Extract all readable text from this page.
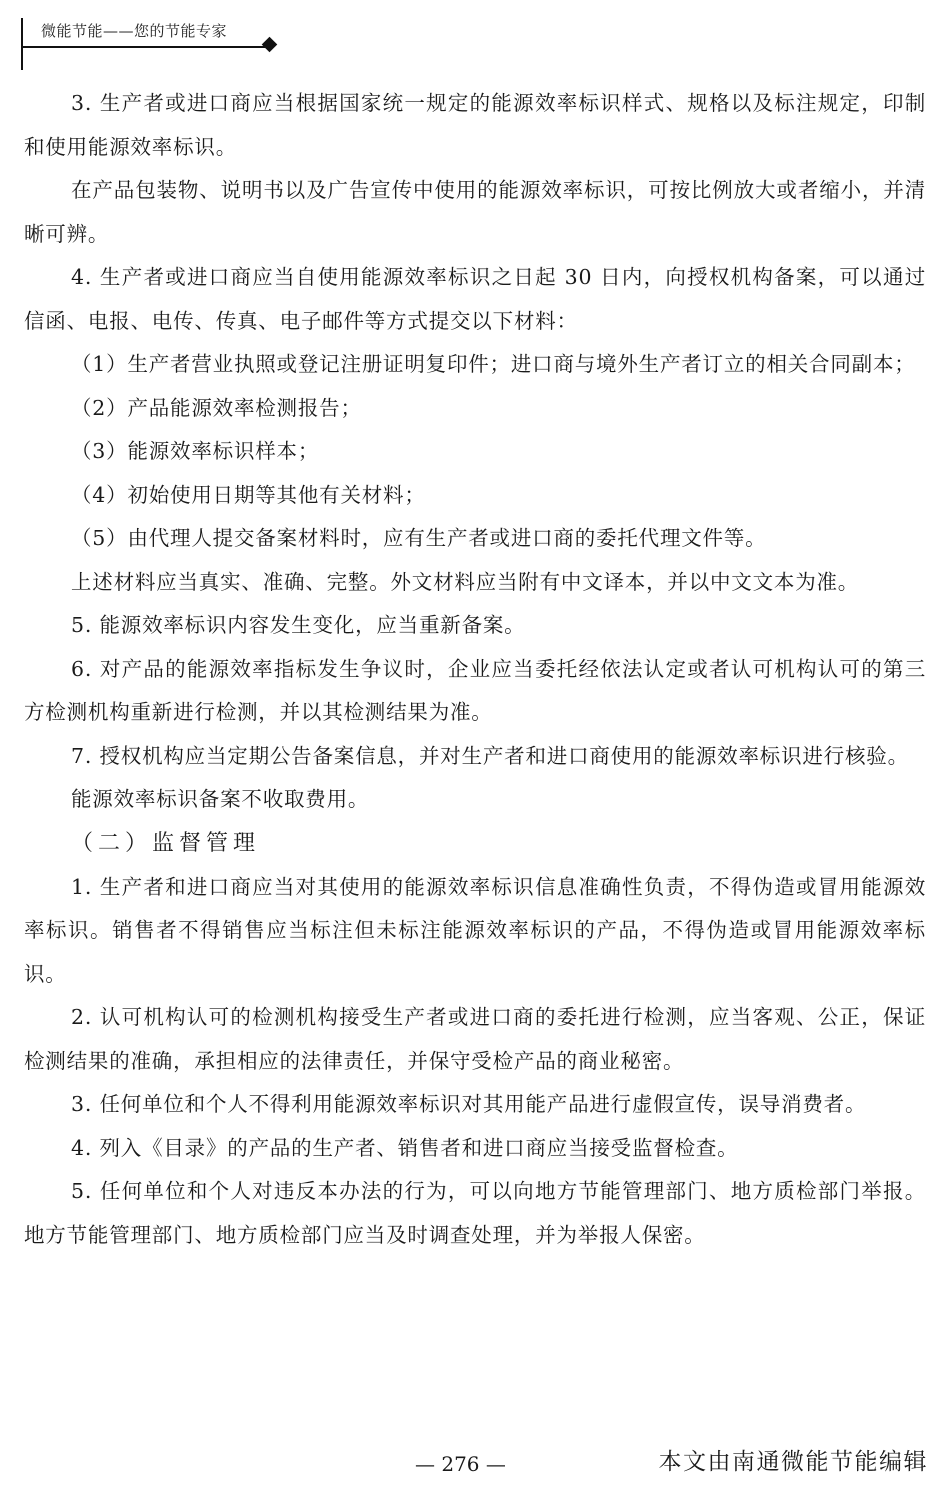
微能节能——您的节能专家

3. 生产者或进口商应当根据国家统一规定的能源效率标识样式、规格以及标注规定，印制和使用能源效率标识。

在产品包装物、说明书以及广告宣传中使用的能源效率标识，可按比例放大或者缩小，并清晰可辨。

4. 生产者或进口商应当自使用能源效率标识之日起 30 日内，向授权机构备案，可以通过信函、电报、电传、传真、电子邮件等方式提交以下材料：

（1）生产者营业执照或登记注册证明复印件；进口商与境外生产者订立的相关合同副本；

（2）产品能源效率检测报告；

（3）能源效率标识样本；

（4）初始使用日期等其他有关材料；

（5）由代理人提交备案材料时，应有生产者或进口商的委托代理文件等。

上述材料应当真实、准确、完整。外文材料应当附有中文译本，并以中文文本为准。

5. 能源效率标识内容发生变化，应当重新备案。

6. 对产品的能源效率指标发生争议时，企业应当委托经依法认定或者认可机构认可的第三方检测机构重新进行检测，并以其检测结果为准。

7. 授权机构应当定期公告备案信息，并对生产者和进口商使用的能源效率标识进行核验。

能源效率标识备案不收取费用。

（二）监督管理

1. 生产者和进口商应当对其使用的能源效率标识信息准确性负责，不得伪造或冒用能源效率标识。销售者不得销售应当标注但未标注能源效率标识的产品，不得伪造或冒用能源效率标识。

2. 认可机构认可的检测机构接受生产者或进口商的委托进行检测，应当客观、公正，保证检测结果的准确，承担相应的法律责任，并保守受检产品的商业秘密。

3. 任何单位和个人不得利用能源效率标识对其用能产品进行虚假宣传，误导消费者。

4. 列入《目录》的产品的生产者、销售者和进口商应当接受监督检查。

5. 任何单位和个人对违反本办法的行为，可以向地方节能管理部门、地方质检部门举报。地方节能管理部门、地方质检部门应当及时调查处理，并为举报人保密。

— 276 —	本文由南通微能节能编辑
